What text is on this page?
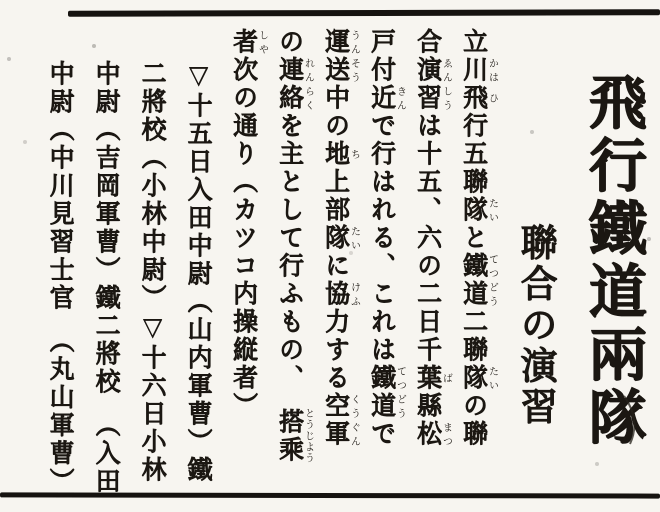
飛行鐵道兩隊
聯合の演習
立川かは飛ひ行五聯隊たいと鐵道てつどう二聯隊たいの聯
合演習ゑんしうは十五、六の二日千葉ば縣松まつ
戸付近きんで行はれる、これは鐵道てつどうで
運送うんそう中の地ち上部隊たいに協けふ力する空軍くうぐん
の連絡れんらくを主として行ふもの、　搭乘とうじよう
者しや次の通り（カツコ内操縦者）
▽十五日入田中尉（山内軍曹）鐵
二將校（小林中尉）▽十六日小林
中尉（吉岡軍曹）鐵二將校　（入田
中尉（中川見習士官　（丸山軍曹）
